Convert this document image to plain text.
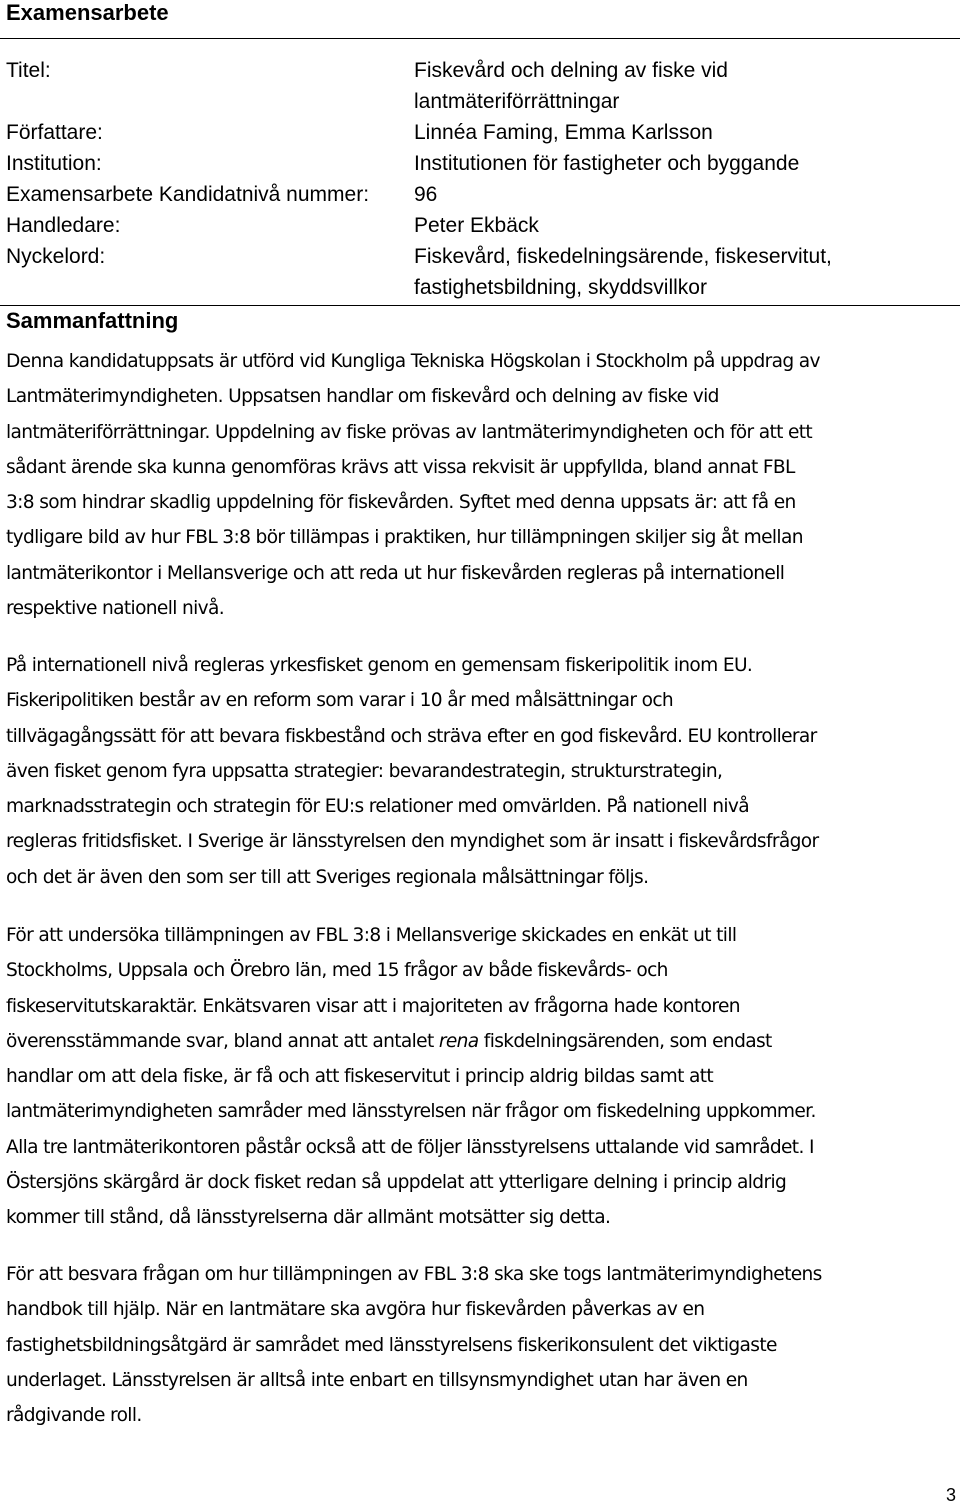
Examensarbete
Titel:	Fiskevård och delning av fiske vid
lantmäteriförrättningar
Författare:	Linnéa Faming, Emma Karlsson
Institution:	Institutionen för fastigheter och byggande
Examensarbete Kandidatnivå nummer: 96
Handledare:	Peter Ekbäck
Nyckelord:	Fiskevård, fiskedelningsärende, fiskeservitut,
fastighetsbildning, skyddsvillkor
Sammanfattning
Denna kandidatuppsats är utförd vid Kungliga Tekniska Högskolan i Stockholm på uppdrag av
Lantmäterimyndigheten. Uppsatsen handlar om fiskevård och delning av fiske vid
lantmäteriförrättningar. Uppdelning av fiske prövas av lantmäterimyndigheten och för att ett
sådant ärende ska kunna genomföras krävs att vissa rekvisit är uppfyllda, bland annat FBL
3:8 som hindrar skadlig uppdelning för fiskevården. Syftet med denna uppsats är: att få en
tydligare bild av hur FBL 3:8 bör tillämpas i praktiken, hur tillämpningen skiljer sig åt mellan
lantmäterikontor i Mellansverige och att reda ut hur fiskevården regleras på internationell
respektive nationell nivå.
På internationell nivå regleras yrkesfisket genom en gemensam fiskeripolitik inom EU.
Fiskeripolitiken består av en reform som varar i 10 år med målsättningar och
tillvägagångssätt för att bevara fiskbestånd och sträva efter en god fiskevård. EU kontrollerar
även fisket genom fyra uppsatta strategier: bevarandestrategin, strukturstrategin,
marknadsstrategin och strategin för EU:s relationer med omvärlden. På nationell nivå
regleras fritidsfisket. I Sverige är länsstyrelsen den myndighet som är insatt i fiskevårdsfrågor
och det är även den som ser till att Sveriges regionala målsättningar följs.
För att undersöka tillämpningen av FBL 3:8 i Mellansverige skickades en enkät ut till
Stockholms, Uppsala och Örebro län, med 15 frågor av både fiskevårds- och
fiskeservitutskaraktär. Enkätsvaren visar att i majoriteten av frågorna hade kontoren
överensstämmande svar, bland annat att antalet rena fiskdelningsärenden, som endast
handlar om att dela fiske, är få och att fiskeservitut i princip aldrig bildas samt att
lantmäterimyndigheten samråder med länsstyrelsen när frågor om fiskedelning uppkommer.
Alla tre lantmäterikontoren påstår också att de följer länsstyrelsens uttalande vid samrådet. I
Östersjöns skärgård är dock fisket redan så uppdelat att ytterligare delning i princip aldrig
kommer till stånd, då länsstyrelserna där allmänt motsätter sig detta.
För att besvara frågan om hur tillämpningen av FBL 3:8 ska ske togs lantmäterimyndighetens
handbok till hjälp. När en lantmätare ska avgöra hur fiskevården påverkas av en
fastighetsbildningsåtgärd är samrådet med länsstyrelsens fiskerikonsulent det viktigaste
underlaget. Länsstyrelsen är alltså inte enbart en tillsynsmyndighet utan har även en
rådgivande roll.
3
